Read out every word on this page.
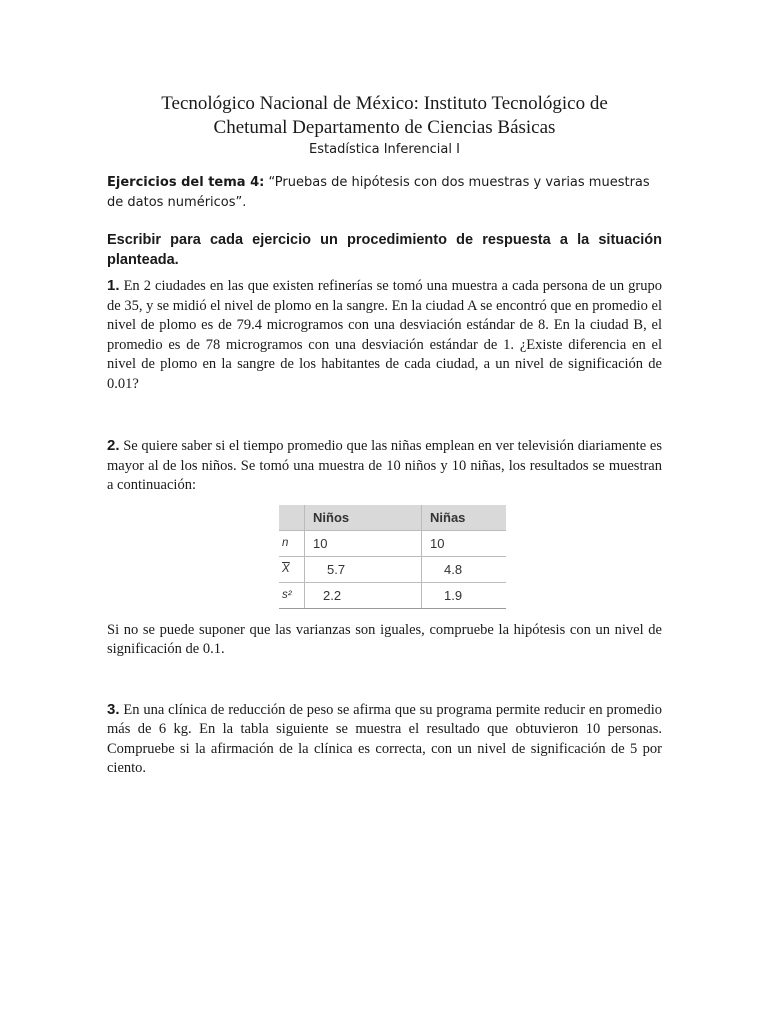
Tecnológico Nacional de México: Instituto Tecnológico de
Chetumal Departamento de Ciencias Básicas

Estadística Inferencial I

Ejercicios del tema 4: “Pruebas de hipótesis con dos muestras y varias muestras de datos numéricos”.

Escribir para cada ejercicio un procedimiento de respuesta a la situación planteada.

1. En 2 ciudades en las que existen refinerías se tomó una muestra a cada persona de un grupo de 35, y se midió el nivel de plomo en la sangre. En la ciudad A se encontró que en promedio el nivel de plomo es de 79.4 microgramos con una desviación estándar de 8. En la ciudad B, el promedio es de 78 microgramos con una desviación estándar de 1. ¿Existe diferencia en el nivel de plomo en la sangre de los habitantes de cada ciudad, a un nivel de significación de 0.01?

2. Se quiere saber si el tiempo promedio que las niñas emplean en ver televisión diariamente es mayor al de los niños. Se tomó una muestra de 10 niños y 10 niñas, los resultados se muestran a continuación:

	Niños	Niñas
n	10	10
$\overline{X}$	5.7	4.8
s²	2.2	1.9

Si no se puede suponer que las varianzas son iguales, compruebe la hipótesis con un nivel de significación de 0.1.

3. En una clínica de reducción de peso se afirma que su programa permite reducir en promedio más de 6 kg. En la tabla siguiente se muestra el resultado que obtuvieron 10 personas. Compruebe si la afirmación de la clínica es correcta, con un nivel de significación de 5 por ciento.
